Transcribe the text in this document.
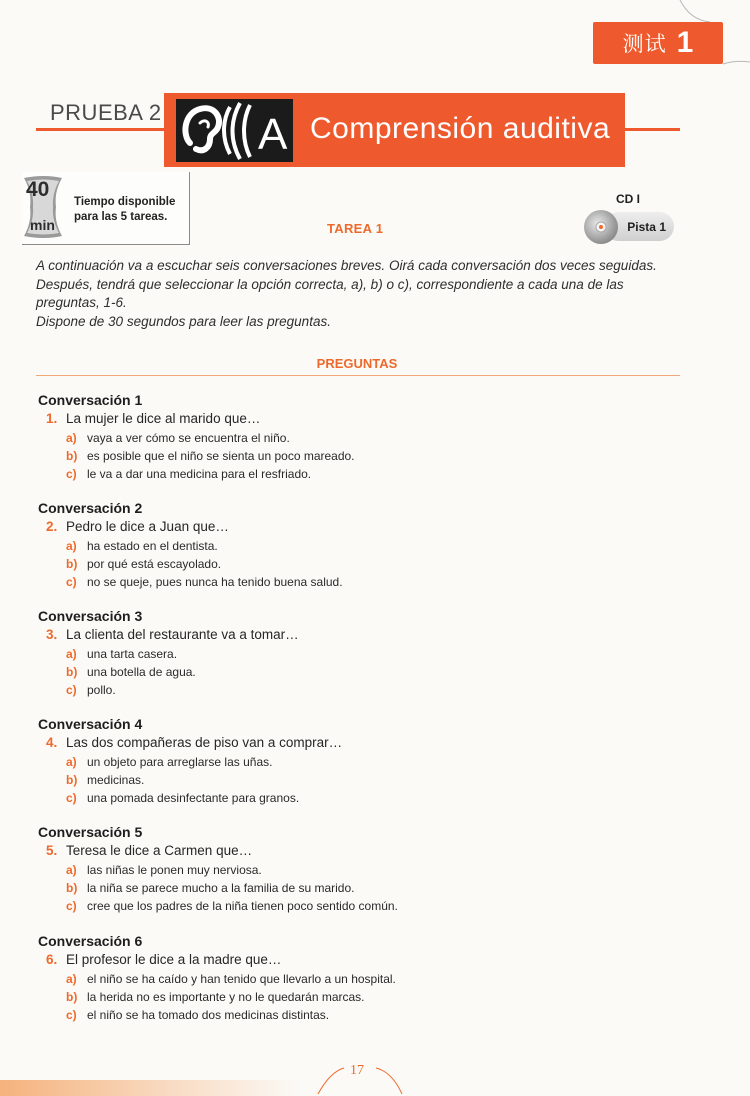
测试 1
PRUEBA 2 A Comprensión auditiva
40
min
Tiempo disponible para las 5 tareas.
TAREA 1
CD I
Pista 1

A continuación va a escuchar seis conversaciones breves. Oirá cada conversación dos veces seguidas. Después, tendrá que seleccionar la opción correcta, a), b) o c), correspondiente a cada una de las preguntas, 1-6.

Dispone de 30 segundos para leer las preguntas.

PREGUNTAS
Conversación 1
1. La mujer le dice al marido que…
a) vaya a ver cómo se encuentra el niño.
b) es posible que el niño se sienta un poco mareado.
c) le va a dar una medicina para el resfriado.
Conversación 2
2. Pedro le dice a Juan que…
a) ha estado en el dentista.
b) por qué está escayolado.
c) no se queje, pues nunca ha tenido buena salud.
Conversación 3
3. La clienta del restaurante va a tomar…
a) una tarta casera.
b) una botella de agua.
c) pollo.
Conversación 4
4. Las dos compañeras de piso van a comprar…
a) un objeto para arreglarse las uñas.
b) medicinas.
c) una pomada desinfectante para granos.
Conversación 5
5. Teresa le dice a Carmen que…
a) las niñas le ponen muy nerviosa.
b) la niña se parece mucho a la familia de su marido.
c) cree que los padres de la niña tienen poco sentido común.
Conversación 6
6. El profesor le dice a la madre que…
a) el niño se ha caído y han tenido que llevarlo a un hospital.
b) la herida no es importante y no le quedarán marcas.
c) el niño se ha tomado dos medicinas distintas.
17
